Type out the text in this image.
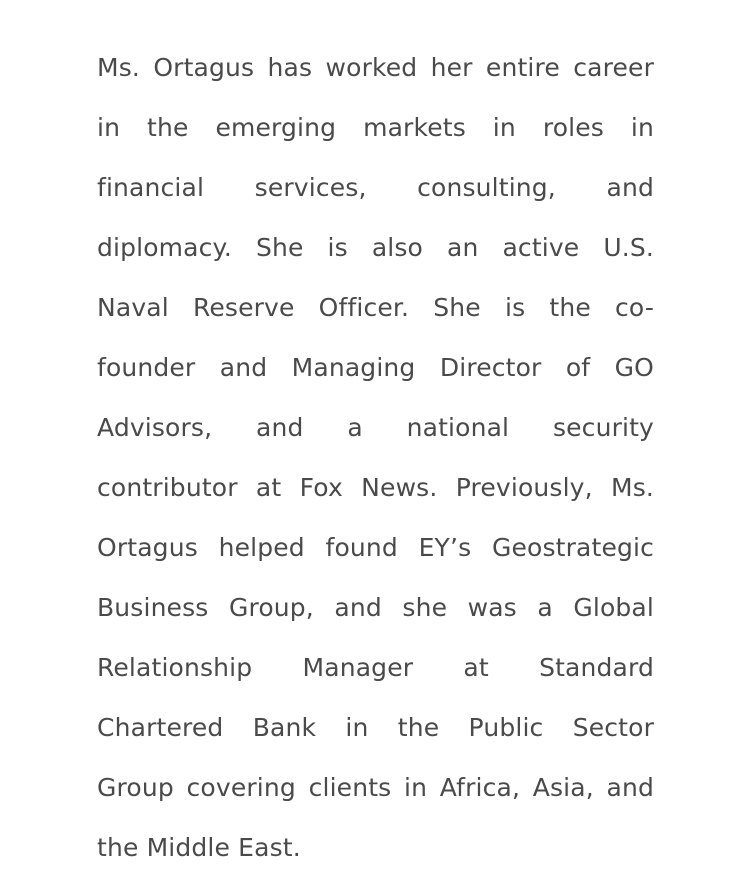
Ms. Ortagus has worked her entire career
in the emerging markets in roles in
financial services, consulting, and
diplomacy. She is also an active U.S.
Naval Reserve Officer. She is the co-
founder and Managing Director of GO
Advisors, and a national security
contributor at Fox News. Previously, Ms.
Ortagus helped found EY’s Geostrategic
Business Group, and she was a Global
Relationship Manager at Standard
Chartered Bank in the Public Sector
Group covering clients in Africa, Asia, and
the Middle East.
